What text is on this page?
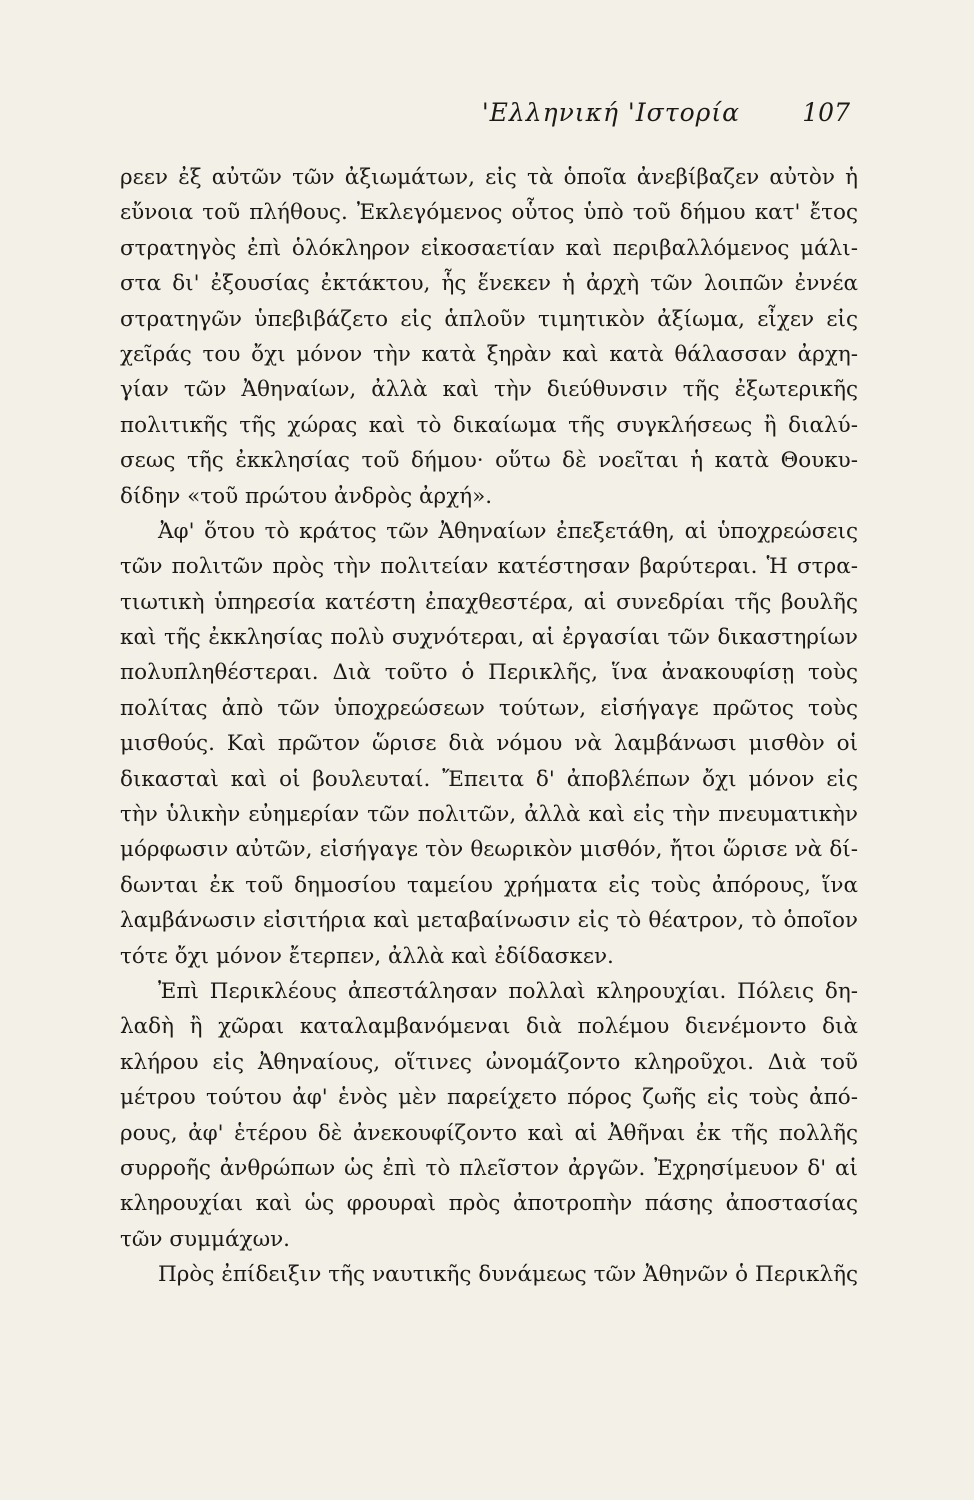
'Ελληνική 'Ιστορία 107
ρεεν ἐξ αὐτῶν τῶν ἀξιωμάτων, εἰς τὰ ὁποῖα ἀνεβίβαζεν αὐτὸν ἡ
εὔνοια τοῦ πλήθους. Ἐκλεγόμενος οὗτος ὑπὸ τοῦ δήμου κατ' ἔτος
στρατηγὸς ἐπὶ ὁλόκληρον εἰκοσαετίαν καὶ περιβαλλόμενος μάλι-
στα δι' ἐξουσίας ἐκτάκτου, ἧς ἕνεκεν ἡ ἀρχὴ τῶν λοιπῶν ἐννέα
στρατηγῶν ὑπεβιβάζετο εἰς ἁπλοῦν τιμητικὸν ἀξίωμα, εἶχεν εἰς
χεῖράς του ὄχι μόνον τὴν κατὰ ξηρὰν καὶ κατὰ θάλασσαν ἀρχη-
γίαν τῶν Ἀθηναίων, ἀλλὰ καὶ τὴν διεύθυνσιν τῆς ἐξωτερικῆς
πολιτικῆς τῆς χώρας καὶ τὸ δικαίωμα τῆς συγκλήσεως ἢ διαλύ-
σεως τῆς ἐκκλησίας τοῦ δήμου· οὕτω δὲ νοεῖται ἡ κατὰ Θουκυ-
δίδην «τοῦ πρώτου ἀνδρὸς ἀρχή».
Ἀφ' ὅτου τὸ κράτος τῶν Ἀθηναίων ἐπεξετάθη, αἱ ὑποχρεώσεις
τῶν πολιτῶν πρὸς τὴν πολιτείαν κατέστησαν βαρύτεραι. Ἡ στρα-
τιωτικὴ ὑπηρεσία κατέστη ἐπαχθεστέρα, αἱ συνεδρίαι τῆς βουλῆς
καὶ τῆς ἐκκλησίας πολὺ συχνότεραι, αἱ ἐργασίαι τῶν δικαστηρίων
πολυπληθέστεραι. Διὰ τοῦτο ὁ Περικλῆς, ἵνα ἀνακουφίσῃ τοὺς
πολίτας ἀπὸ τῶν ὑποχρεώσεων τούτων, εἰσήγαγε πρῶτος τοὺς
μισθούς. Καὶ πρῶτον ὥρισε διὰ νόμου νὰ λαμβάνωσι μισθὸν οἱ
δικασταὶ καὶ οἱ βουλευταί. Ἔπειτα δ' ἀποβλέπων ὄχι μόνον εἰς
τὴν ὑλικὴν εὐημερίαν τῶν πολιτῶν, ἀλλὰ καὶ εἰς τὴν πνευματικὴν
μόρφωσιν αὐτῶν, εἰσήγαγε τὸν θεωρικὸν μισθόν, ἤτοι ὥρισε νὰ δί-
δωνται ἐκ τοῦ δημοσίου ταμείου χρήματα εἰς τοὺς ἀπόρους, ἵνα
λαμβάνωσιν εἰσιτήρια καὶ μεταβαίνωσιν εἰς τὸ θέατρον, τὸ ὁποῖον
τότε ὄχι μόνον ἔτερπεν, ἀλλὰ καὶ ἐδίδασκεν.
Ἐπὶ Περικλέους ἀπεστάλησαν πολλαὶ κληρουχίαι. Πόλεις δη-
λαδὴ ἢ χῶραι καταλαμβανόμεναι διὰ πολέμου διενέμοντο διὰ
κλήρου εἰς Ἀθηναίους, οἵτινες ὠνομάζοντο κληροῦχοι. Διὰ τοῦ
μέτρου τούτου ἀφ' ἑνὸς μὲν παρείχετο πόρος ζωῆς εἰς τοὺς ἀπό-
ρους, ἀφ' ἑτέρου δὲ ἀνεκουφίζοντο καὶ αἱ Ἀθῆναι ἐκ τῆς πολλῆς
συρροῆς ἀνθρώπων ὡς ἐπὶ τὸ πλεῖστον ἀργῶν. Ἐχρησίμευον δ' αἱ
κληρουχίαι καὶ ὡς φρουραὶ πρὸς ἀποτροπὴν πάσης ἀποστασίας
τῶν συμμάχων.
Πρὸς ἐπίδειξιν τῆς ναυτικῆς δυνάμεως τῶν Ἀθηνῶν ὁ Περικλῆς
